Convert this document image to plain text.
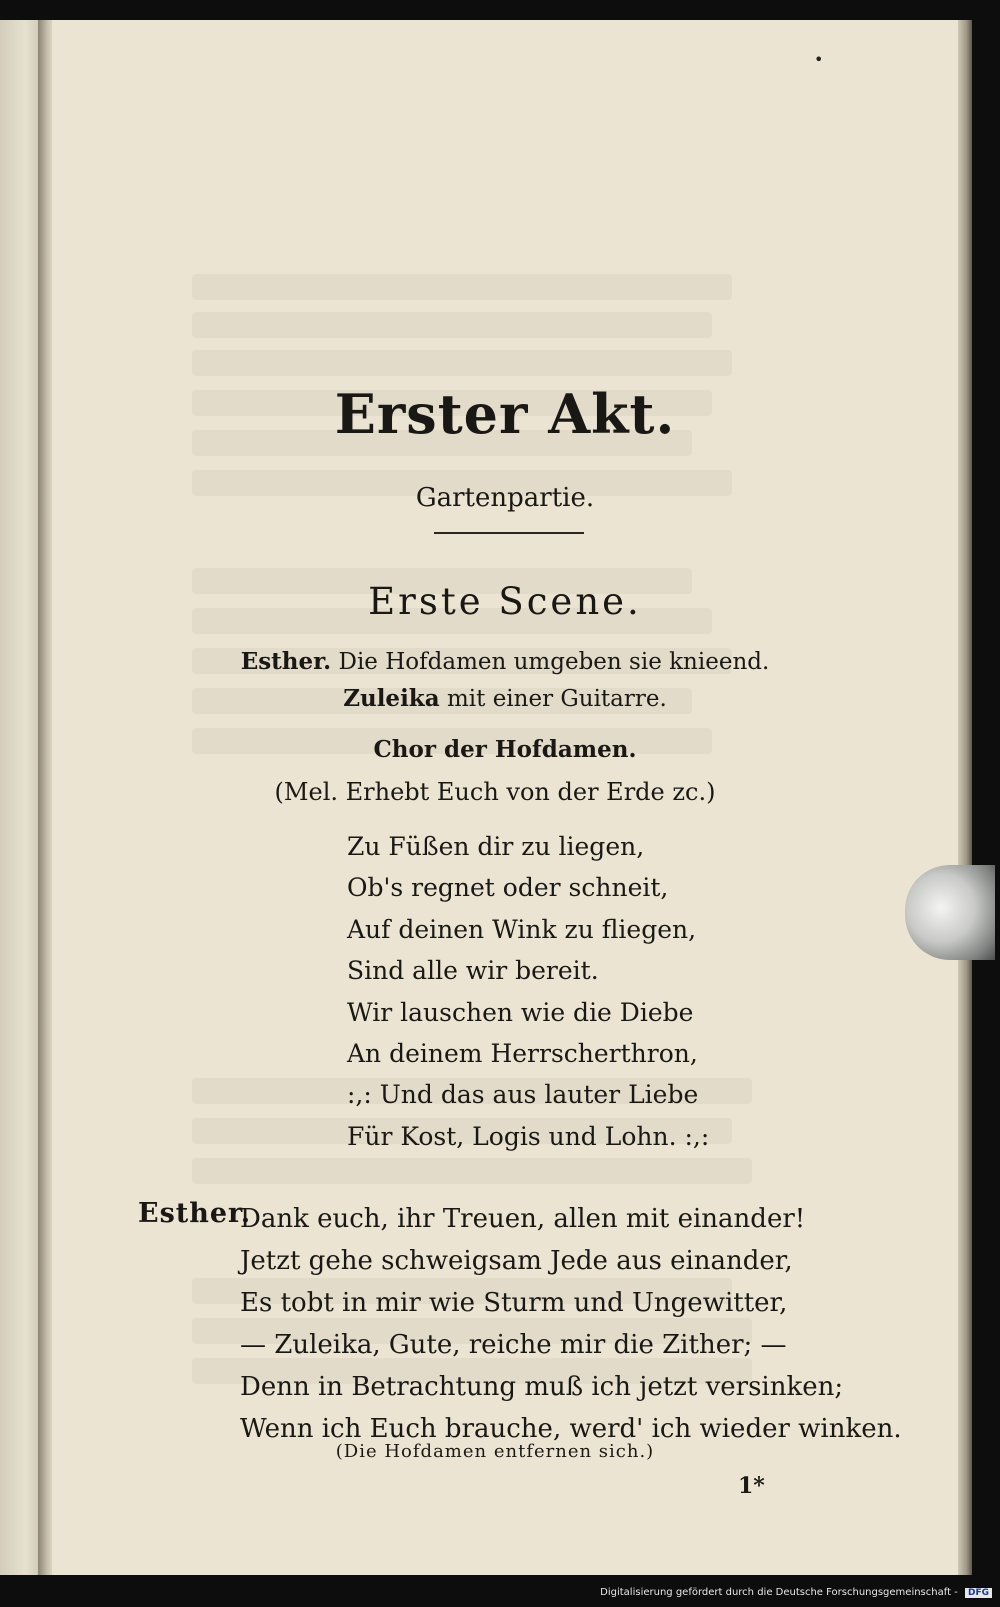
•
Erster Akt.
Gartenpartie.
Erste Scene.
Esther. Die Hofdamen umgeben sie knieend.
Zuleika mit einer Guitarre.
Chor der Hofdamen.
(Mel. Erhebt Euch von der Erde zc.)
Zu Füßen dir zu liegen,
Ob's regnet oder schneit,
Auf deinen Wink zu fliegen,
Sind alle wir bereit.
Wir lauschen wie die Diebe
An deinem Herrscherthron,
:,: Und das aus lauter Liebe
Für Kost, Logis und Lohn. :,:
Esther.
Dank euch, ihr Treuen, allen mit einander!
Jetzt gehe schweigsam Jede aus einander,
Es tobt in mir wie Sturm und Ungewitter,
— Zuleika, Gute, reiche mir die Zither; —
Denn in Betrachtung muß ich jetzt versinken;
Wenn ich Euch brauche, werd' ich wieder winken.
(Die Hofdamen entfernen sich.)
1*
Digitalisierung gefördert durch die Deutsche Forschungsgemeinschaft - DFG
